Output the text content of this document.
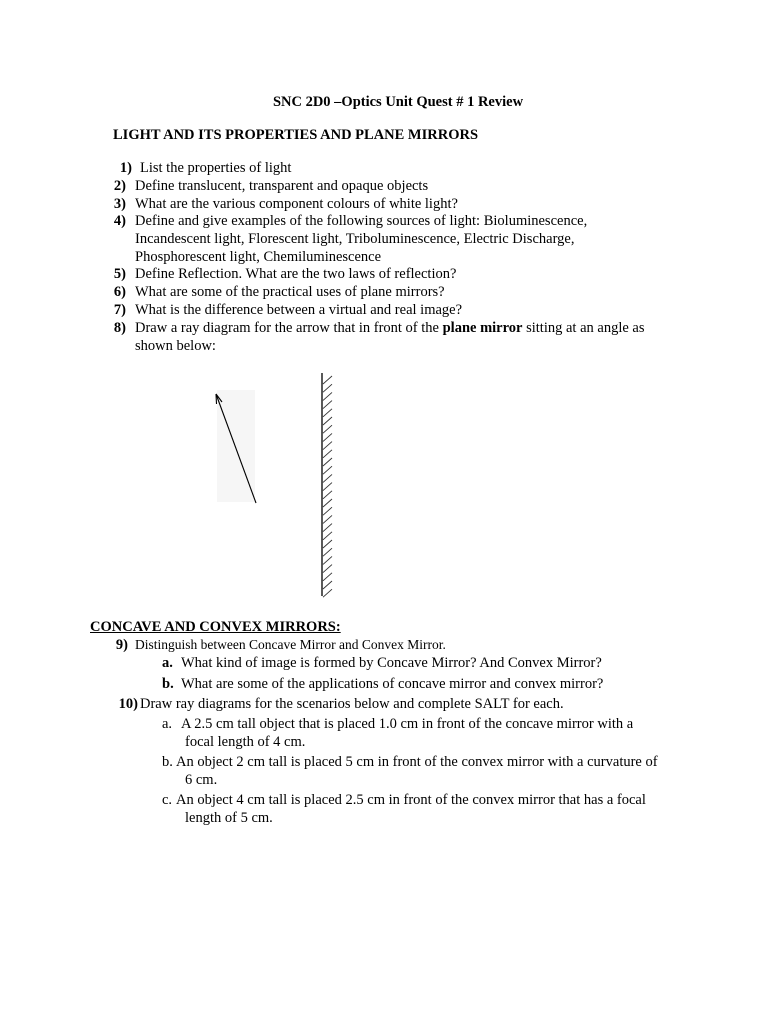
SNC 2D0 –Optics Unit Quest # 1 Review
LIGHT AND ITS PROPERTIES AND PLANE MIRRORS
1) List the properties of light
2) Define translucent, transparent and opaque objects
3) What are the various component colours of white light?
4) Define and give examples of the following sources of light: Bioluminescence,
Incandescent light, Florescent light, Triboluminescence, Electric Discharge,
Phosphorescent light, Chemiluminescence
5) Define Reflection. What are the two laws of reflection?
6) What are some of the practical uses of plane mirrors?
7) What is the difference between a virtual and real image?
8) Draw a ray diagram for the arrow that in front of the plane mirror sitting at an angle as
shown below:
CONCAVE AND CONVEX MIRRORS:
9) Distinguish between Concave Mirror and Convex Mirror.
a. What kind of image is formed by Concave Mirror? And Convex Mirror?
b. What are some of the applications of concave mirror and convex mirror?
10) Draw ray diagrams for the scenarios below and complete SALT for each.
a. A 2.5 cm tall object that is placed 1.0 cm in front of the concave mirror with a
focal length of 4 cm.
b. An object 2 cm tall is placed 5 cm in front of the convex mirror with a curvature of
6 cm.
c. An object 4 cm tall is placed 2.5 cm in front of the convex mirror that has a focal
length of 5 cm.
